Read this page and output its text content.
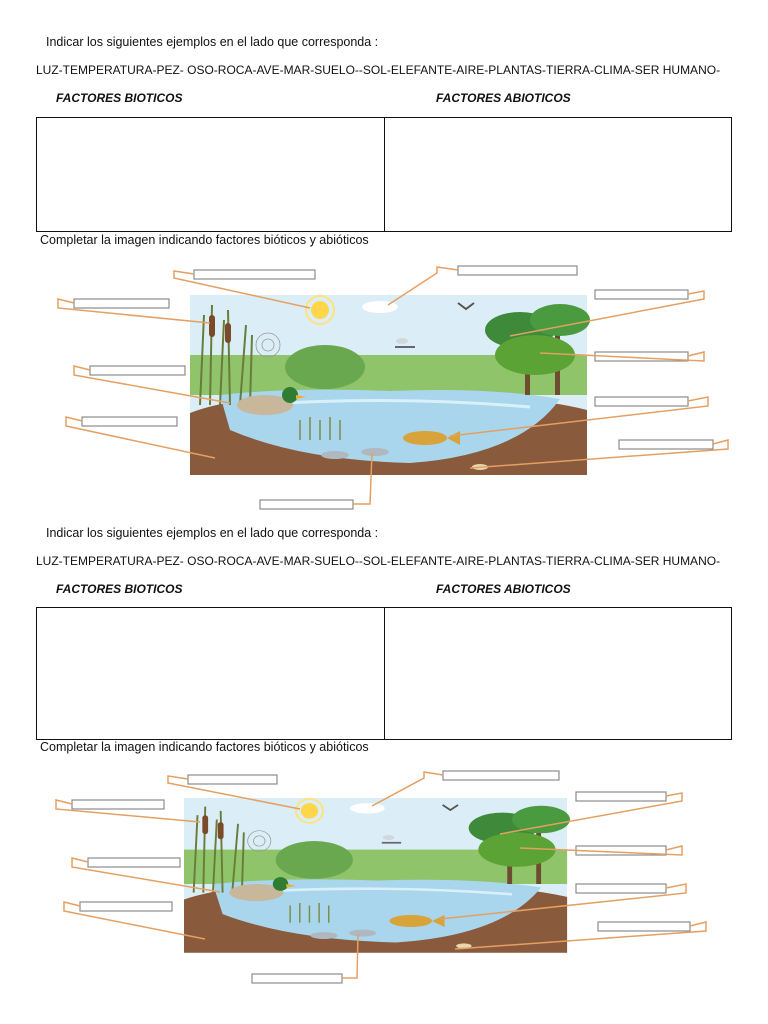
Indicar los siguientes ejemplos en el lado que corresponda :
LUZ-TEMPERATURA-PEZ- OSO-ROCA-AVE-MAR-SUELO--SOL-ELEFANTE-AIRE-PLANTAS-TIERRA-CLIMA-SER HUMANO-
FACTORES BIOTICOS	FACTORES ABIOTICOS
Completar la imagen indicando factores bióticos y abióticos
Indicar los siguientes ejemplos en el lado que corresponda :
LUZ-TEMPERATURA-PEZ- OSO-ROCA-AVE-MAR-SUELO--SOL-ELEFANTE-AIRE-PLANTAS-TIERRA-CLIMA-SER HUMANO-
FACTORES BIOTICOS	FACTORES ABIOTICOS
Completar la imagen indicando factores bióticos y abióticos
